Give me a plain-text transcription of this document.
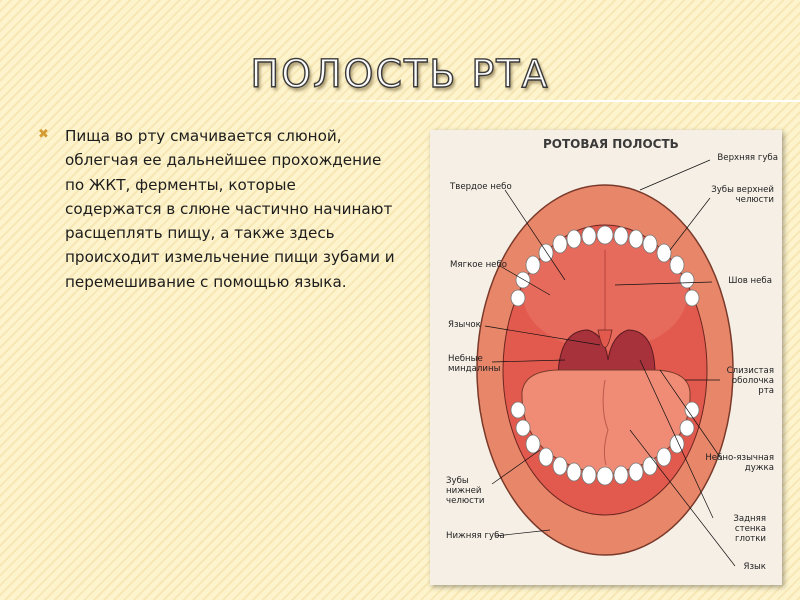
ПОЛОСТЬ РТА
✖ Пища во рту смачивается слюной, облегчая ее дальнейшее прохождение по ЖКТ, ферменты, которые содержатся в слюне частично начинают расщеплять пищу, а также здесь происходит измельчение пищи зубами и перемешивание с помощью языка.
РОТОВАЯ ПОЛОСТЬ
Твердое небо
Мягкое небо
Язычок
Небные миндалины
Зубы нижней челюсти
Нижняя губа
Верхняя губа
Зубы верхней челюсти
Шов неба
Слизистая оболочка рта
Небно-язычная дужка
Задняя стенка глотки
Язык
